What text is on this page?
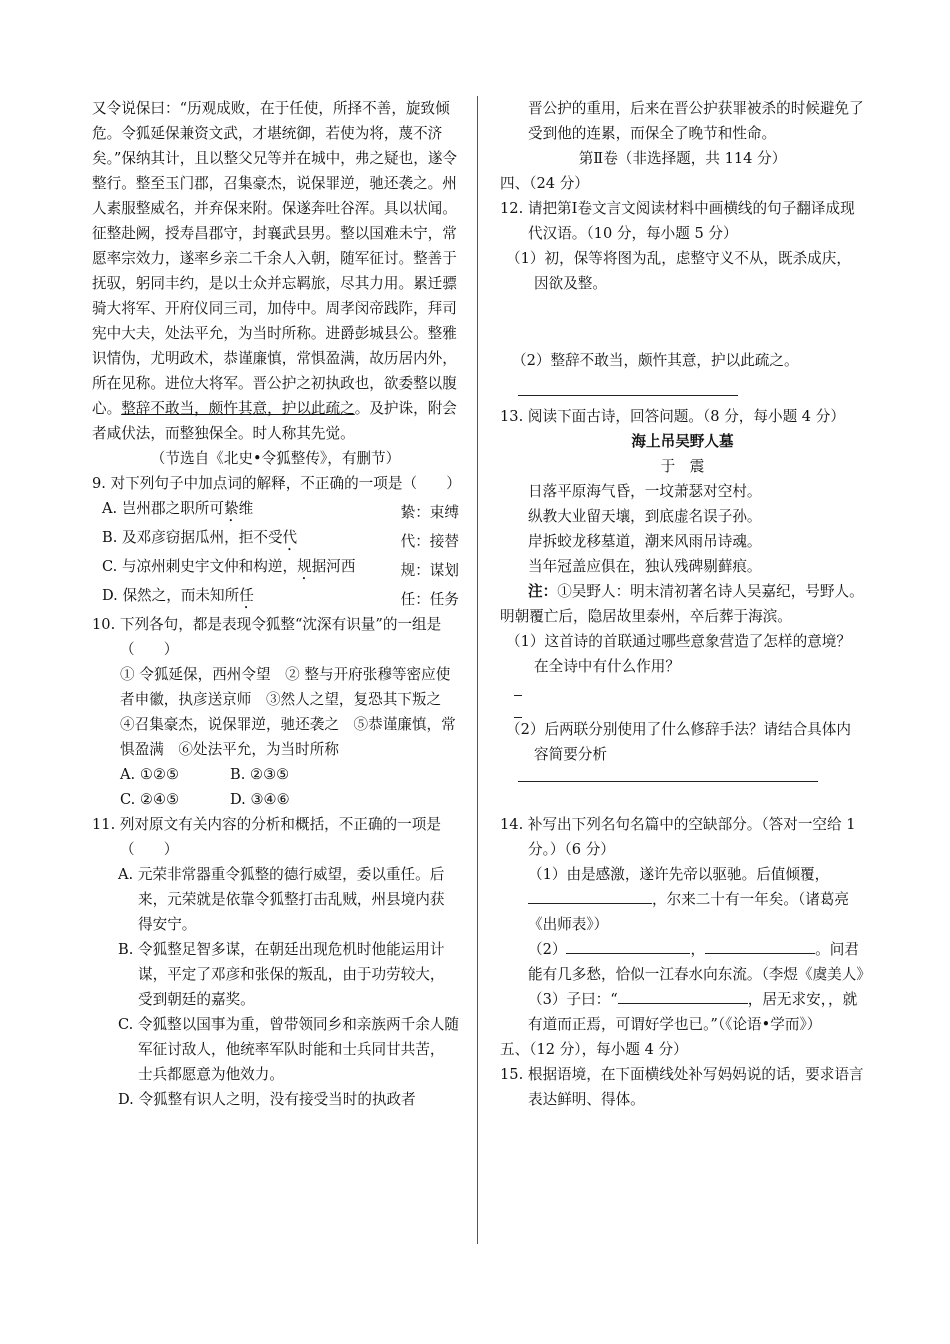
又令说保曰：“历观成败，在于任使，所择不善，旋致倾危。令狐延保兼资文武，才堪统御，若使为将，蔑不济矣。”保纳其计，且以整父兄等并在城中，弗之疑也，遂令整行。整至玉门郡，召集豪杰，说保罪逆，驰还袭之。州人素服整威名，并弃保来附。保遂奔吐谷浑。具以状闻。征整赴阙，授寿昌郡守，封襄武县男。整以国难未宁，常愿率宗效力，遂率乡亲二千余人入朝，随军征讨。整善于抚驭，躬同丰约，是以士众并忘羁旅，尽其力用。累迁骠骑大将军、开府仪同三司，加侍中。周孝闵帝践阼，拜司宪中大夫，处法平允，为当时所称。进爵彭城县公。整雅识情伪，尤明政术，恭谨廉慎，常惧盈满，故历居内外，所在见称。进位大将军。晋公护之初执政也，欲委整以腹心。整辞不敢当，颇忤其意，护以此疏之。及护诛，附会者咸伏法，而整独保全。时人称其先觉。

（节选自《北史•令狐整传》，有删节）

9. 对下列句子中加点词的解释，不正确的一项是（　　）

A. 岂州郡之职所可絷维	絷：束缚

B. 及邓彦窃据瓜州，拒不受代	代：接替

C. 与凉州刺史宇文仲和构逆，规据河西	规：谋划

D. 保然之，而未知所任	任：任务

10. 下列各句，都是表现令狐整“沈深有识量”的一组是（　　）

① 令狐延保，西州令望　② 整与开府张穆等密应使者申徽，执彦送京师　③然人之望，复恐其下叛之　④召集豪杰，说保罪逆，驰还袭之　⑤恭谨廉慎，常惧盈满　⑥处法平允，为当时所称

A. ①②⑤	B. ②③⑤

C. ②④⑤	D. ③④⑥

11. 列对原文有关内容的分析和概括，不正确的一项是（　　）

A. 元荣非常器重令狐整的德行威望，委以重任。后来，元荣就是依靠令狐整打击乱贼，州县境内获得安宁。

B. 令狐整足智多谋，在朝廷出现危机时他能运用计谋，平定了邓彦和张保的叛乱，由于功劳较大，受到朝廷的嘉奖。

C. 令狐整以国事为重，曾带领同乡和亲族两千余人随军征讨敌人，他统率军队时能和士兵同甘共苦，士兵都愿意为他效力。

D. 令狐整有识人之明，没有接受当时的执政者

晋公护的重用，后来在晋公护获罪被杀的时候避免了受到他的连累，而保全了晚节和性命。

第Ⅱ卷（非选择题，共 114 分）

四、（24 分）

12. 请把第Ⅰ卷文言文阅读材料中画横线的句子翻译成现代汉语。（10 分，每小题 5 分）

（1）初，保等将图为乱，虑整守义不从，既杀成庆，因欲及整。

（2）整辞不敢当，颇忤其意，护以此疏之。

13. 阅读下面古诗，回答问题。（8 分，每小题 4 分）

海上吊吴野人墓

于　震

日落平原海气昏，一坟萧瑟对空村。

纵教大业留天壤，到底虚名误子孙。

岸拆蛟龙移墓道，潮来风雨吊诗魂。

当年冠盖应俱在，独认残碑剔藓痕。

注：①吴野人：明末清初著名诗人吴嘉纪，号野人。明朝覆亡后，隐居故里泰州，卒后葬于海滨。

（1）这首诗的首联通过哪些意象营造了怎样的意境？在全诗中有什么作用？

（2）后两联分别使用了什么修辞手法？请结合具体内容简要分析

14. 补写出下列名句名篇中的空缺部分。（答对一空给 1 分。）（6 分）

（1）由是感激，遂许先帝以驱驰。后值倾覆，，尔来二十有一年矣。（诸葛亮《出师表》）

（2）	，	。问君能有几多愁，恰似一江春水向东流。（李煜《虞美人》

（3）子曰：“	，居无求安，，就有道而正焉，可谓好学也已。”（《论语•学而》）

五、（12 分），每小题 4 分）

15. 根据语境，在下面横线处补写妈妈说的话，要求语言表达鲜明、得体。
